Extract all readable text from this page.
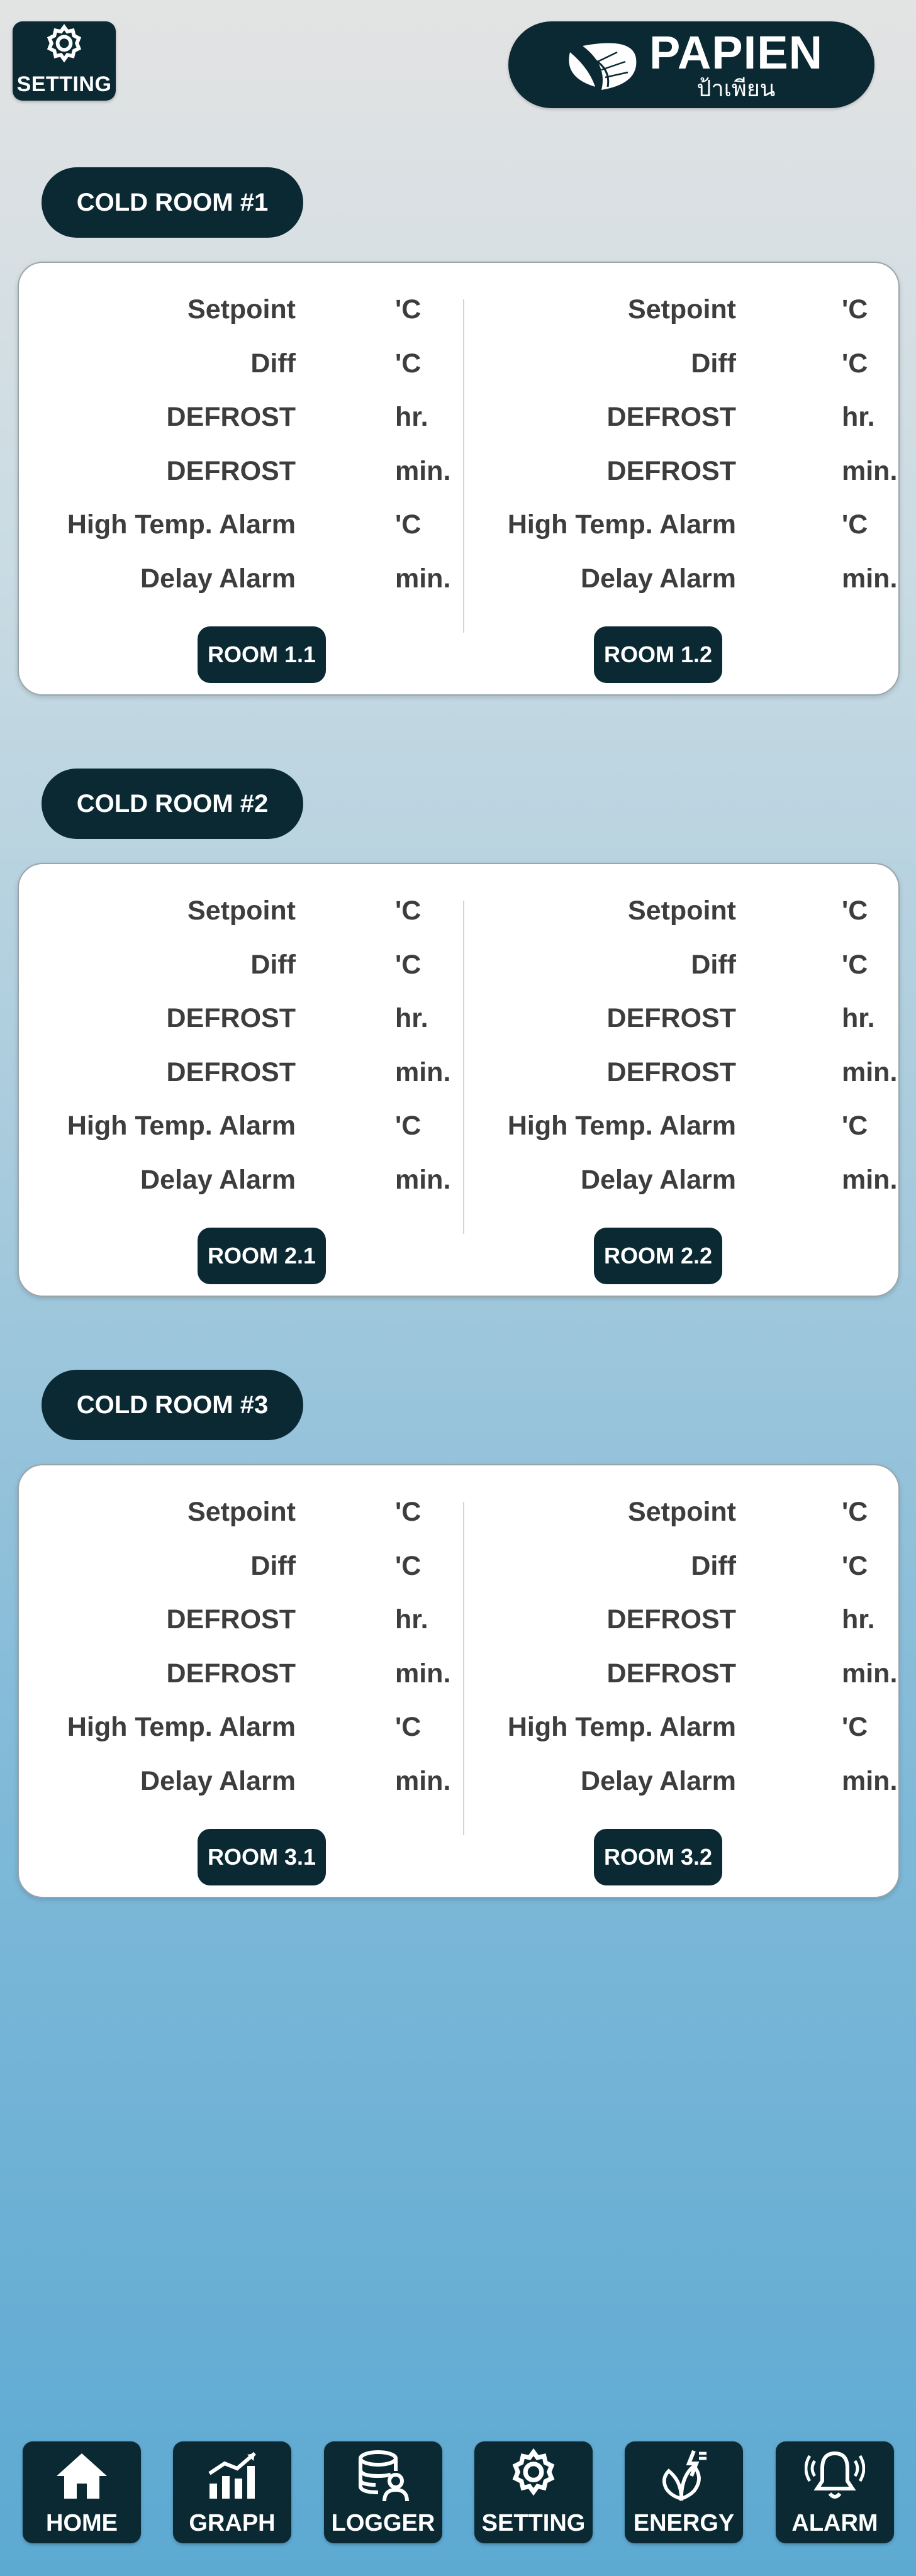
SETTING
PAPIEN
ป้าเพียน
COLD ROOM #1
Setpoint	'C
Diff	'C
DEFROST	hr.
DEFROST	min.
High Temp. Alarm	'C
Delay Alarm	min.
Setpoint	'C
Diff	'C
DEFROST	hr.
DEFROST	min.
High Temp. Alarm	'C
Delay Alarm	min.
ROOM 1.1	ROOM 1.2
COLD ROOM #2
Setpoint	'C
Diff	'C
DEFROST	hr.
DEFROST	min.
High Temp. Alarm	'C
Delay Alarm	min.
Setpoint	'C
Diff	'C
DEFROST	hr.
DEFROST	min.
High Temp. Alarm	'C
Delay Alarm	min.
ROOM 2.1	ROOM 2.2
COLD ROOM #3
Setpoint	'C
Diff	'C
DEFROST	hr.
DEFROST	min.
High Temp. Alarm	'C
Delay Alarm	min.
Setpoint	'C
Diff	'C
DEFROST	hr.
DEFROST	min.
High Temp. Alarm	'C
Delay Alarm	min.
ROOM 3.1	ROOM 3.2
HOME	GRAPH LOGGER SETTING ENERGY ALARM
